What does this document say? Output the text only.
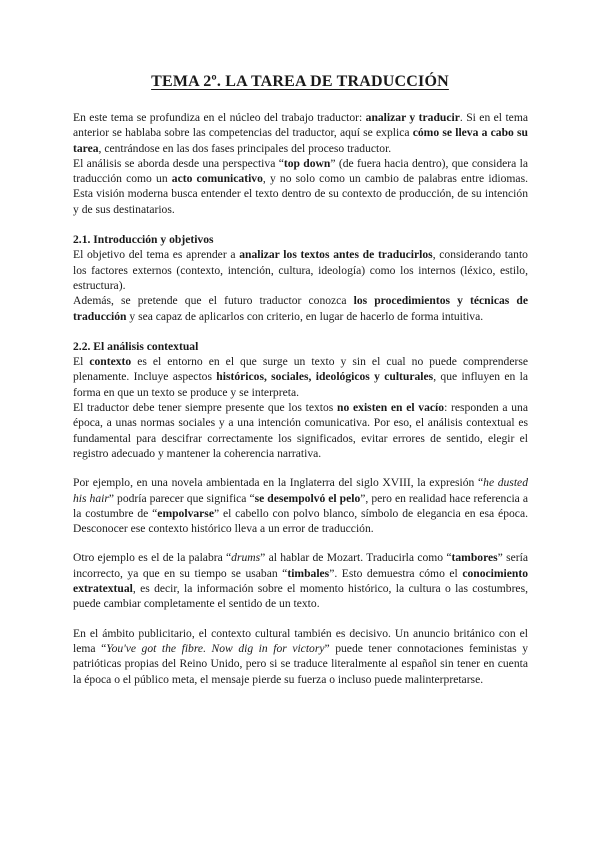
TEMA 2º. LA TAREA DE TRADUCCIÓN

En este tema se profundiza en el núcleo del trabajo traductor: analizar y traducir. Si en el tema anterior se hablaba sobre las competencias del traductor, aquí se explica cómo se lleva a cabo su tarea, centrándose en las dos fases principales del proceso traductor.

El análisis se aborda desde una perspectiva “top down” (de fuera hacia dentro), que considera la traducción como un acto comunicativo, y no solo como un cambio de palabras entre idiomas. Esta visión moderna busca entender el texto dentro de su contexto de producción, de su intención y de sus destinatarios.

2.1. Introducción y objetivos

El objetivo del tema es aprender a analizar los textos antes de traducirlos, considerando tanto los factores externos (contexto, intención, cultura, ideología) como los internos (léxico, estilo, estructura).

Además, se pretende que el futuro traductor conozca los procedimientos y técnicas de traducción y sea capaz de aplicarlos con criterio, en lugar de hacerlo de forma intuitiva.

2.2. El análisis contextual

El contexto es el entorno en el que surge un texto y sin el cual no puede comprenderse plenamente. Incluye aspectos históricos, sociales, ideológicos y culturales, que influyen en la forma en que un texto se produce y se interpreta.

El traductor debe tener siempre presente que los textos no existen en el vacío: responden a una época, a unas normas sociales y a una intención comunicativa. Por eso, el análisis contextual es fundamental para descifrar correctamente los significados, evitar errores de sentido, elegir el registro adecuado y mantener la coherencia narrativa.

Por ejemplo, en una novela ambientada en la Inglaterra del siglo XVIII, la expresión “he dusted his hair” podría parecer que significa “se desempolvó el pelo”, pero en realidad hace referencia a la costumbre de “empolvarse” el cabello con polvo blanco, símbolo de elegancia en esa época. Desconocer ese contexto histórico lleva a un error de traducción.

Otro ejemplo es el de la palabra “drums” al hablar de Mozart. Traducirla como “tambores” sería incorrecto, ya que en su tiempo se usaban “timbales”. Esto demuestra cómo el conocimiento extratextual, es decir, la información sobre el momento histórico, la cultura o las costumbres, puede cambiar completamente el sentido de un texto.

En el ámbito publicitario, el contexto cultural también es decisivo. Un anuncio británico con el lema “You've got the fibre. Now dig in for victory” puede tener connotaciones feministas y patrióticas propias del Reino Unido, pero si se traduce literalmente al español sin tener en cuenta la época o el público meta, el mensaje pierde su fuerza o incluso puede malinterpretarse.
